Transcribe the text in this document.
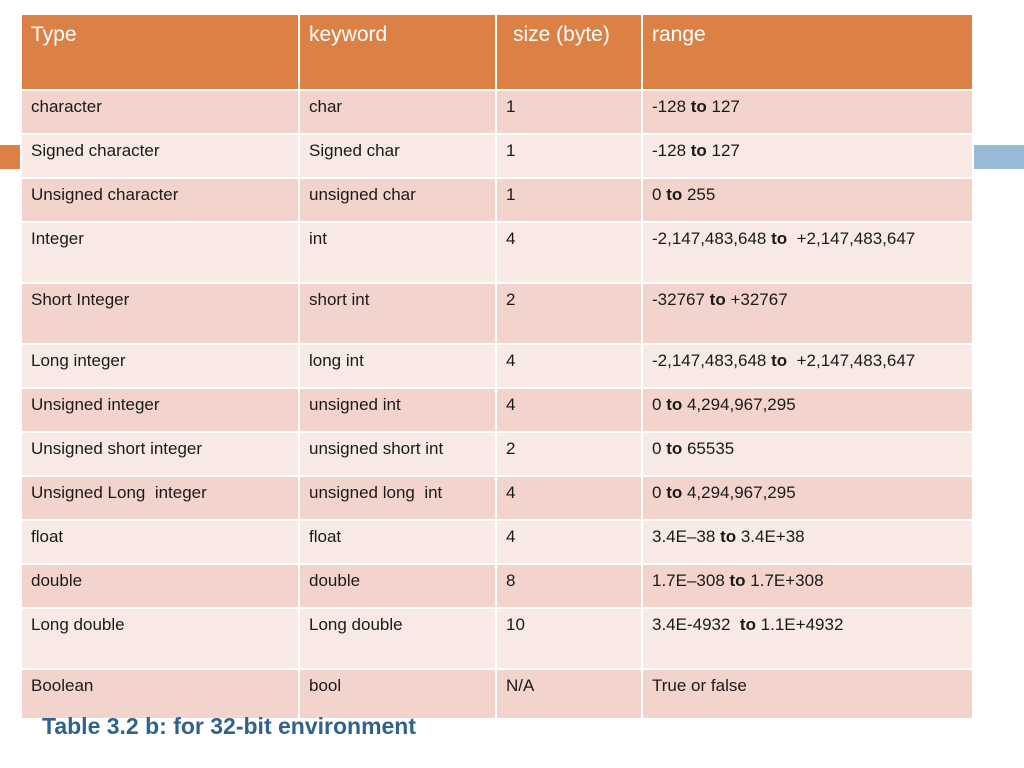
Type	keyword	size (byte)	range
character	char	1	-128 to 127
Signed character	Signed char	1	-128 to 127
Unsigned character	unsigned char	1	0 to 255
Integer	int	4	-2,147,483,648 to  +2,147,483,647
Short Integer	short int	2	-32767 to +32767
Long integer	long int	4	-2,147,483,648 to  +2,147,483,647
Unsigned integer	unsigned int	4	0 to 4,294,967,295
Unsigned short integer	unsigned short int	2	0 to 65535
Unsigned Long  integer	unsigned long  int	4	0 to 4,294,967,295
float	float	4	3.4E–38 to 3.4E+38
double	double	8	1.7E–308 to 1.7E+308
Long double	Long double	10	3.4E-4932  to 1.1E+4932
Boolean	bool	N/A	True or false
Table 3.2 b: for 32-bit environment
